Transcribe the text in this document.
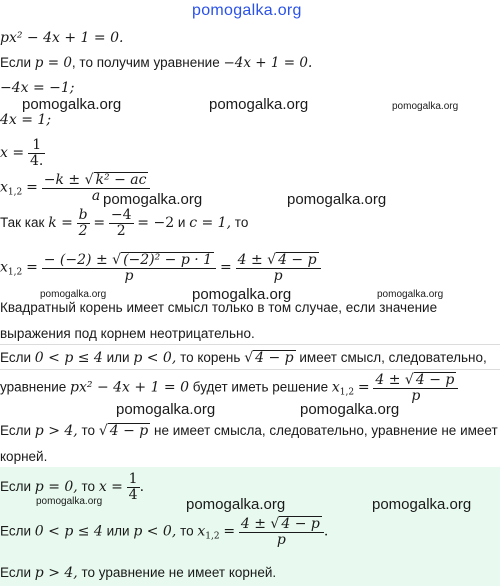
pomogalka.org
px² − 4x + 1 = 0.
Если p = 0, то получим уравнение −4x + 1 = 0.
−4x = −1;
pomogalka.org	pomogalka.org	pomogalka.org
4x = 1;
$x = \frac{1}{4.}$
$x_{1,2} = \frac{\text{−k ± √ k² − ac}}{a}$
pomogalka.org	pomogalka.org
Так как $k = \frac{b}{2} = \frac{-4}{2} = -2$ и c = 1, то
$x_{1,2} = \frac{\text{− (−2) ± √ (−2)² − p · 1}}{p} = \frac{4 \pm √ 4 - p}{p}$
pomogalka.org	pomogalka.org	pomogalka.org
Квадратный корень имеет смысл только в том случае, если значение
выражения под корнем неотрицательно.
Если 0 < p ≤ 4 или p < 0, то корень √ 4 − p имеет смысл, следовательно,
уравнение px² − 4x + 1 = 0 будет иметь решение $x_{1,2} = \frac{4 \pm √ 4 - p}{p}$
pomogalka.org	pomogalka.org
Если p > 4, то √ 4 − p не имеет смысла, следовательно, уравнение не имеет
корней.
Если p = 0, то $x = \frac{1}{4}$ .
pomogalka.org	pomogalka.org	pomogalka.org
Если 0 < p ≤ 4 или p < 0, то $x_{1,2} = \frac{4 \pm √ 4 - p}{p}$ .
Если p > 4, то уравнение не имеет корней.
